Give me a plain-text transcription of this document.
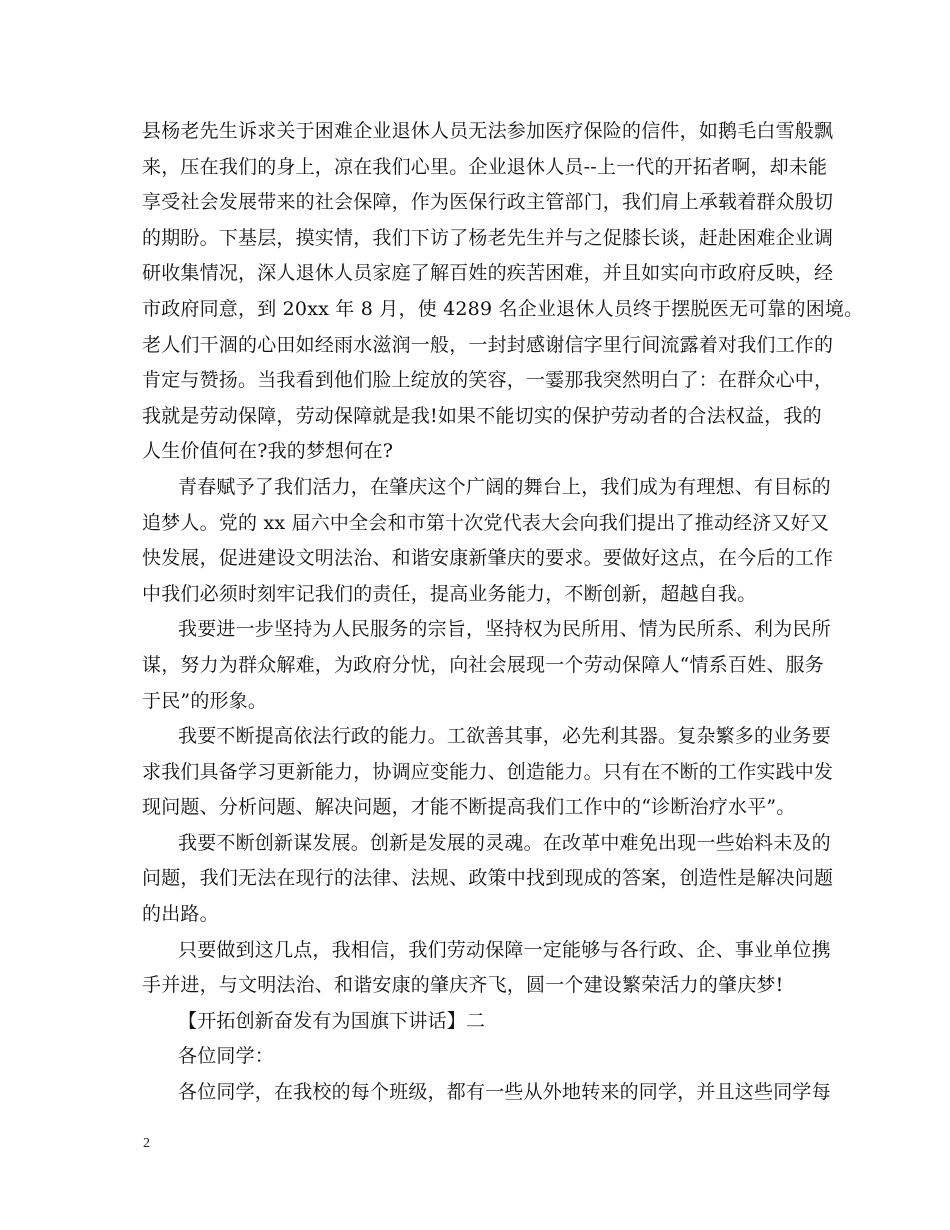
县杨老先生诉求关于困难企业退休人员无法参加医疗保险的信件，如鹅毛白雪般飘
来，压在我们的身上，凉在我们心里。企业退休人员--上一代的开拓者啊，却未能
享受社会发展带来的社会保障，作为医保行政主管部门，我们肩上承载着群众殷切
的期盼。下基层，摸实情，我们下访了杨老先生并与之促膝长谈，赶赴困难企业调
研收集情况，深人退休人员家庭了解百姓的疾苦困难，并且如实向市政府反映，经
市政府同意，到 20xx 年 8 月，使 4289 名企业退休人员终于摆脱医无可靠的困境。
老人们干涸的心田如经雨水滋润一般，一封封感谢信字里行间流露着对我们工作的
肯定与赞扬。当我看到他们脸上绽放的笑容，一霎那我突然明白了：在群众心中，
我就是劳动保障，劳动保障就是我!如果不能切实的保护劳动者的合法权益，我的
人生价值何在?我的梦想何在?
青春赋予了我们活力，在肇庆这个广阔的舞台上，我们成为有理想、有目标的
追梦人。党的 xx 届六中全会和市第十次党代表大会向我们提出了推动经济又好又
快发展，促进建设文明法治、和谐安康新肇庆的要求。要做好这点，在今后的工作
中我们必须时刻牢记我们的责任，提高业务能力，不断创新，超越自我。
我要进一步坚持为人民服务的宗旨，坚持权为民所用、情为民所系、利为民所
谋，努力为群众解难，为政府分忧，向社会展现一个劳动保障人“情系百姓、服务
于民”的形象。
我要不断提高依法行政的能力。工欲善其事，必先利其器。复杂繁多的业务要
求我们具备学习更新能力，协调应变能力、创造能力。只有在不断的工作实践中发
现问题、分析问题、解决问题，才能不断提高我们工作中的“诊断治疗水平”。
我要不断创新谋发展。创新是发展的灵魂。在改革中难免出现一些始料未及的
问题，我们无法在现行的法律、法规、政策中找到现成的答案，创造性是解决问题
的出路。
只要做到这几点，我相信，我们劳动保障一定能够与各行政、企、事业单位携
手并进，与文明法治、和谐安康的肇庆齐飞，圆一个建设繁荣活力的肇庆梦!
【开拓创新奋发有为国旗下讲话】二
各位同学：
各位同学，在我校的每个班级，都有一些从外地转来的同学，并且这些同学每
2
